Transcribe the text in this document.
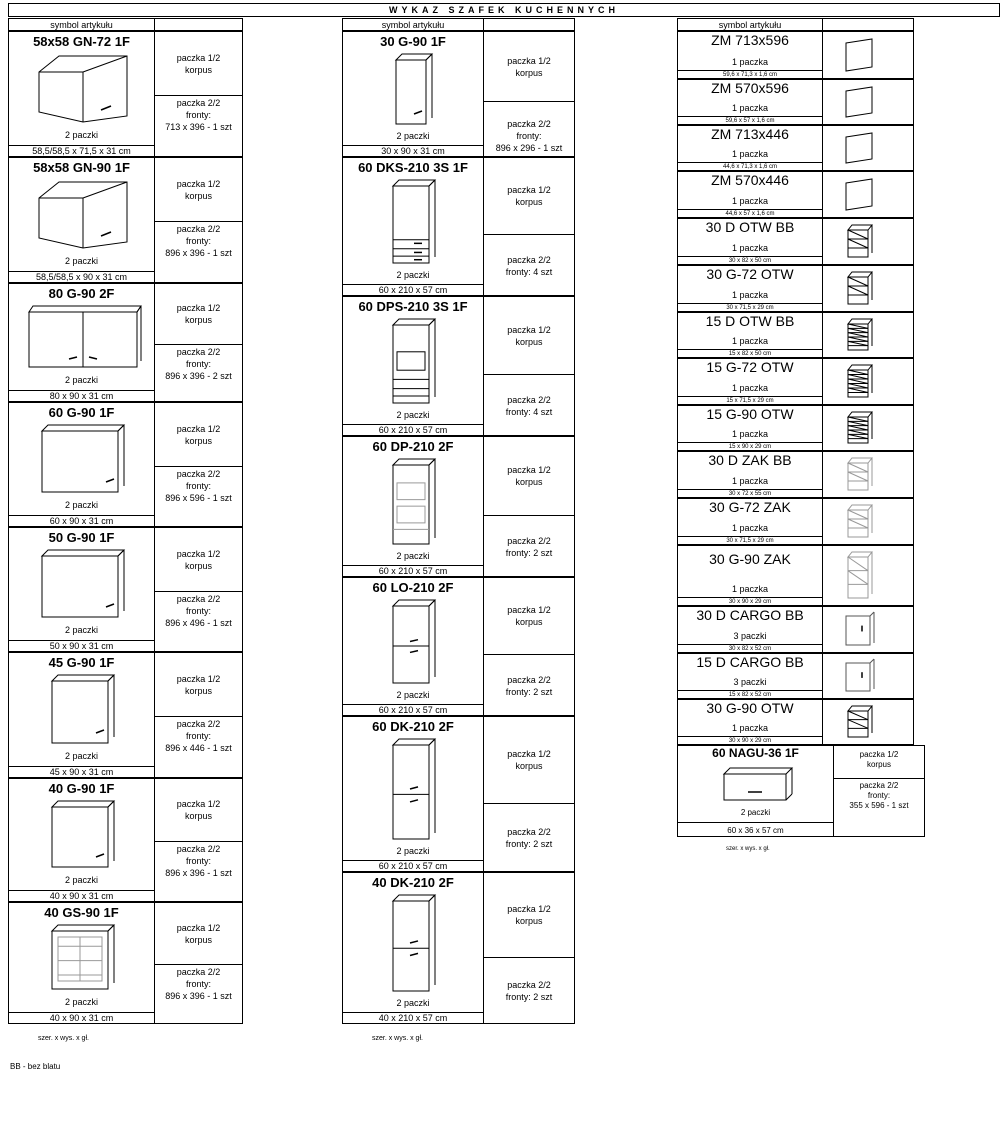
WYKAZ SZAFEK KUCHENNYCH
symbol artykułu
58x58 GN-72 1F
2 paczki
58,5/58,5 x 71,5 x 31 cm
paczka 1/2
korpus
paczka 2/2
fronty:
713 x 396 - 1 szt
58x58 GN-90 1F
2 paczki
58,5/58,5 x 90 x 31 cm
paczka 1/2
korpus
paczka 2/2
fronty:
896 x 396 - 1 szt
80 G-90 2F
2 paczki
80 x 90 x 31 cm
paczka 1/2
korpus
paczka 2/2
fronty:
896 x 396 - 2 szt
60 G-90 1F
2 paczki
60 x 90 x 31 cm
paczka 1/2
korpus
paczka 2/2
fronty:
896 x 596 - 1 szt
50 G-90 1F
2 paczki
50 x 90 x 31 cm
paczka 1/2
korpus
paczka 2/2
fronty:
896 x 496 - 1 szt
45 G-90 1F
2 paczki
45 x 90 x 31 cm
paczka 1/2
korpus
paczka 2/2
fronty:
896 x 446 - 1 szt
40 G-90 1F
2 paczki
40 x 90 x 31 cm
paczka 1/2
korpus
paczka 2/2
fronty:
896 x 396 - 1 szt
40 GS-90 1F
2 paczki
40 x 90 x 31 cm
paczka 1/2
korpus
paczka 2/2
fronty:
896 x 396 - 1 szt
symbol artykułu
30 G-90 1F
2 paczki
30 x 90 x 31 cm
paczka 1/2
korpus
paczka 2/2
fronty:
896 x 296 - 1 szt
60 DKS-210 3S 1F
2 paczki
60 x 210 x 57 cm
paczka 1/2
korpus
paczka 2/2
fronty: 4 szt
60 DPS-210 3S 1F
2 paczki
60 x 210 x 57 cm
paczka 1/2
korpus
paczka 2/2
fronty: 4 szt
60 DP-210 2F
2 paczki
60 x 210 x 57 cm
paczka 1/2
korpus
paczka 2/2
fronty: 2 szt
60 LO-210 2F
2 paczki
60 x 210 x 57 cm
paczka 1/2
korpus
paczka 2/2
fronty: 2 szt
60 DK-210 2F
2 paczki
60 x 210 x 57 cm
paczka 1/2
korpus
paczka 2/2
fronty: 2 szt
40 DK-210 2F
2 paczki
40 x 210 x 57 cm
paczka 1/2
korpus
paczka 2/2
fronty: 2 szt
symbol artykułu
ZM 713x596
1 paczka
59,6 x 71,3 x 1,6 cm
ZM 570x596
1 paczka
59,6 x 57 x 1,6 cm
ZM 713x446
1 paczka
44,6 x 71,3 x 1,6 cm
ZM 570x446
1 paczka
44,6 x 57 x 1,6 cm
30 D OTW BB
1 paczka
30 x 82 x 50 cm
30 G-72 OTW
1 paczka
30 x 71,5 x 29 cm
15 D OTW BB
1 paczka
15 x 82 x 50 cm
15 G-72 OTW
1 paczka
15 x 71,5 x 29 cm
15 G-90 OTW
1 paczka
15 x 90 x 29 cm
30 D ZAK BB
1 paczka
30 x 72 x 55 cm
30 G-72 ZAK
1 paczka
30 x 71,5 x 29 cm
30 G-90 ZAK
1 paczka
30 x 90 x 29 cm
30 D CARGO BB
3 paczki
30 x 82 x 52 cm
15 D CARGO BB
3 paczki
15 x 82 x 52 cm
30 G-90 OTW
1 paczka
30 x 90 x 29 cm
60 NAGU-36 1F
2 paczki
60 x 36 x 57 cm
paczka 1/2
korpus
paczka 2/2
fronty:
355 x 596 - 1 szt
szer. x wys. x gł.	szer. x wys. x gł.
szer. x wys. x gł.
BB - bez blatu
